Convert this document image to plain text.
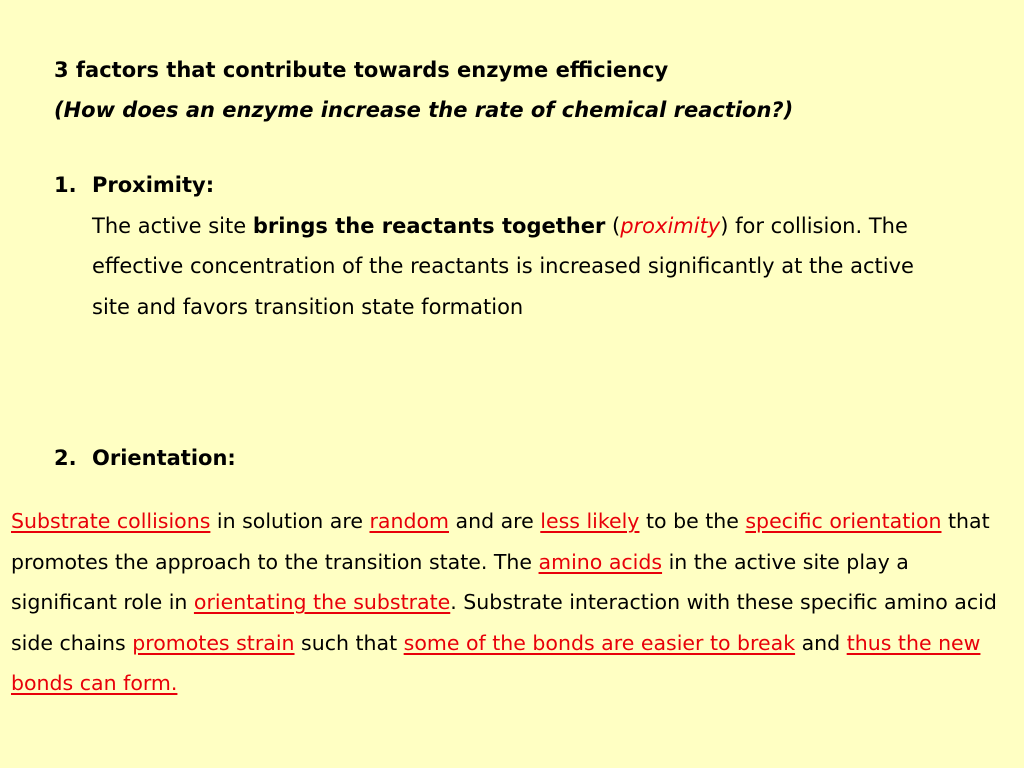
3 factors that contribute towards enzyme efficiency
(How does an enzyme increase the rate of chemical reaction?)
1. Proximity:
The active site brings the reactants together (proximity) for collision. The effective concentration of the reactants is increased significantly at the active site and favors transition state formation
2. Orientation:
Substrate collisions in solution are random and are less likely to be the specific orientation that promotes the approach to the transition state. The amino acids in the active site play a significant role in orientating the substrate. Substrate interaction with these specific amino acid side chains promotes strain such that some of the bonds are easier to break and thus the new bonds can form.
